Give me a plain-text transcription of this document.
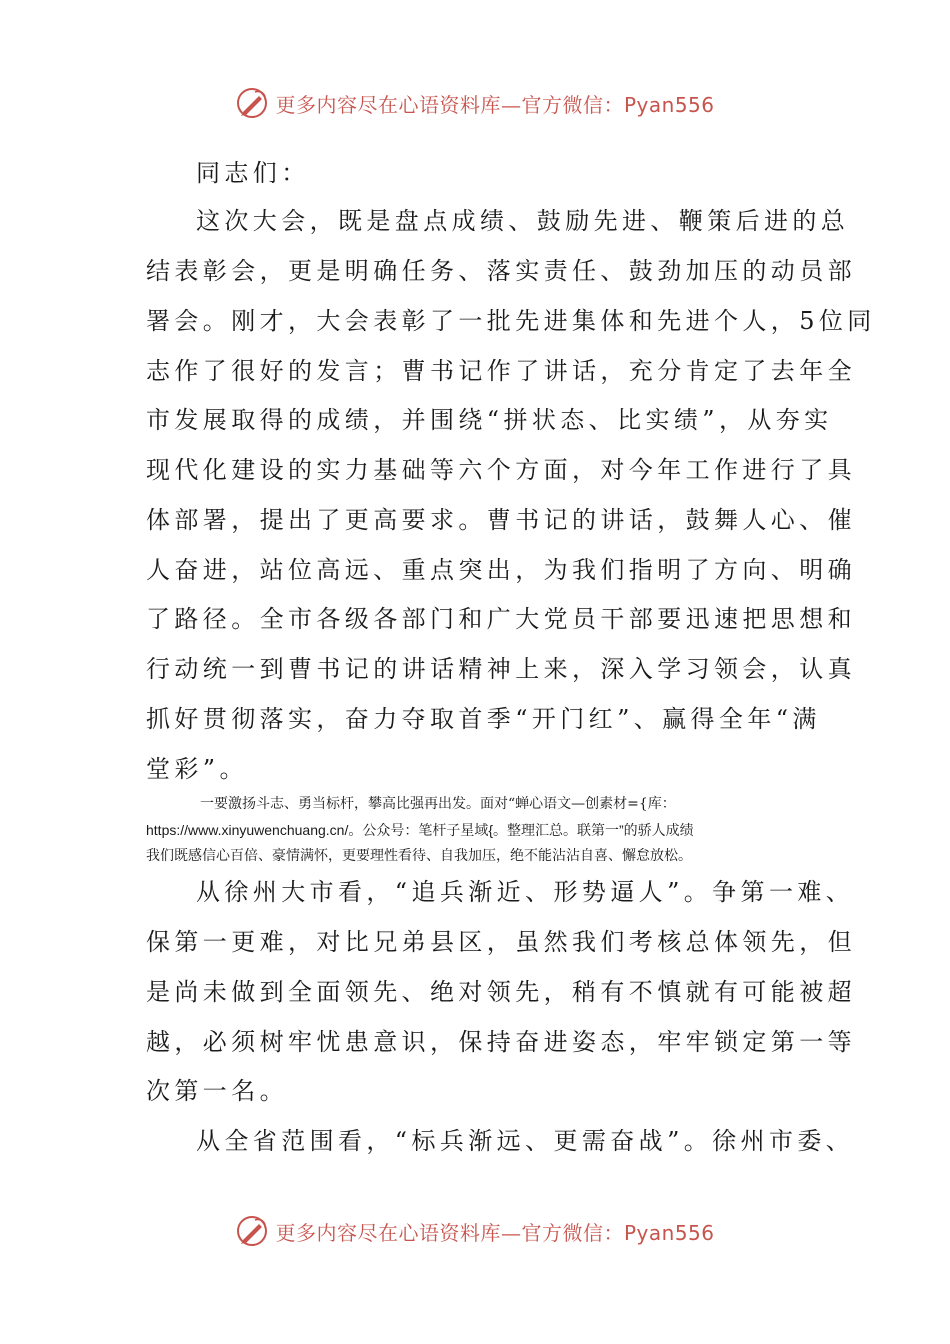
更多内容尽在心语资料库—官方微信：Pyan556
同志们：
这次大会，既是盘点成绩、鼓励先进、鞭策后进的总
结表彰会，更是明确任务、落实责任、鼓劲加压的动员部
署会。刚才，大会表彰了一批先进集体和先进个人，5位同
志作了很好的发言；曹书记作了讲话，充分肯定了去年全
市发展取得的成绩，并围绕“拼状态、比实绩”，从夯实
现代化建设的实力基础等六个方面，对今年工作进行了具
体部署，提出了更高要求。曹书记的讲话，鼓舞人心、催
人奋进，站位高远、重点突出，为我们指明了方向、明确
了路径。全市各级各部门和广大党员干部要迅速把思想和
行动统一到曹书记的讲话精神上来，深入学习领会，认真
抓好贯彻落实，奋力夺取首季“开门红”、赢得全年“满
堂彩”。
一要激扬斗志、勇当标杆，攀高比强再出发。面对“蝉心语文—创素材={库：
https://www.xinyuwenchuang.cn/。公众号：笔杆子星域{。整理汇总。联第一”的骄人成绩
我们既感信心百倍、豪情满怀，更要理性看待、自我加压，绝不能沾沾自喜、懈怠放松。
从徐州大市看，“追兵渐近、形势逼人”。争第一难、
保第一更难，对比兄弟县区，虽然我们考核总体领先，但
是尚未做到全面领先、绝对领先，稍有不慎就有可能被超
越，必须树牢忧患意识，保持奋进姿态，牢牢锁定第一等
次第一名。
从全省范围看，“标兵渐远、更需奋战”。徐州市委、
更多内容尽在心语资料库—官方微信：Pyan556
